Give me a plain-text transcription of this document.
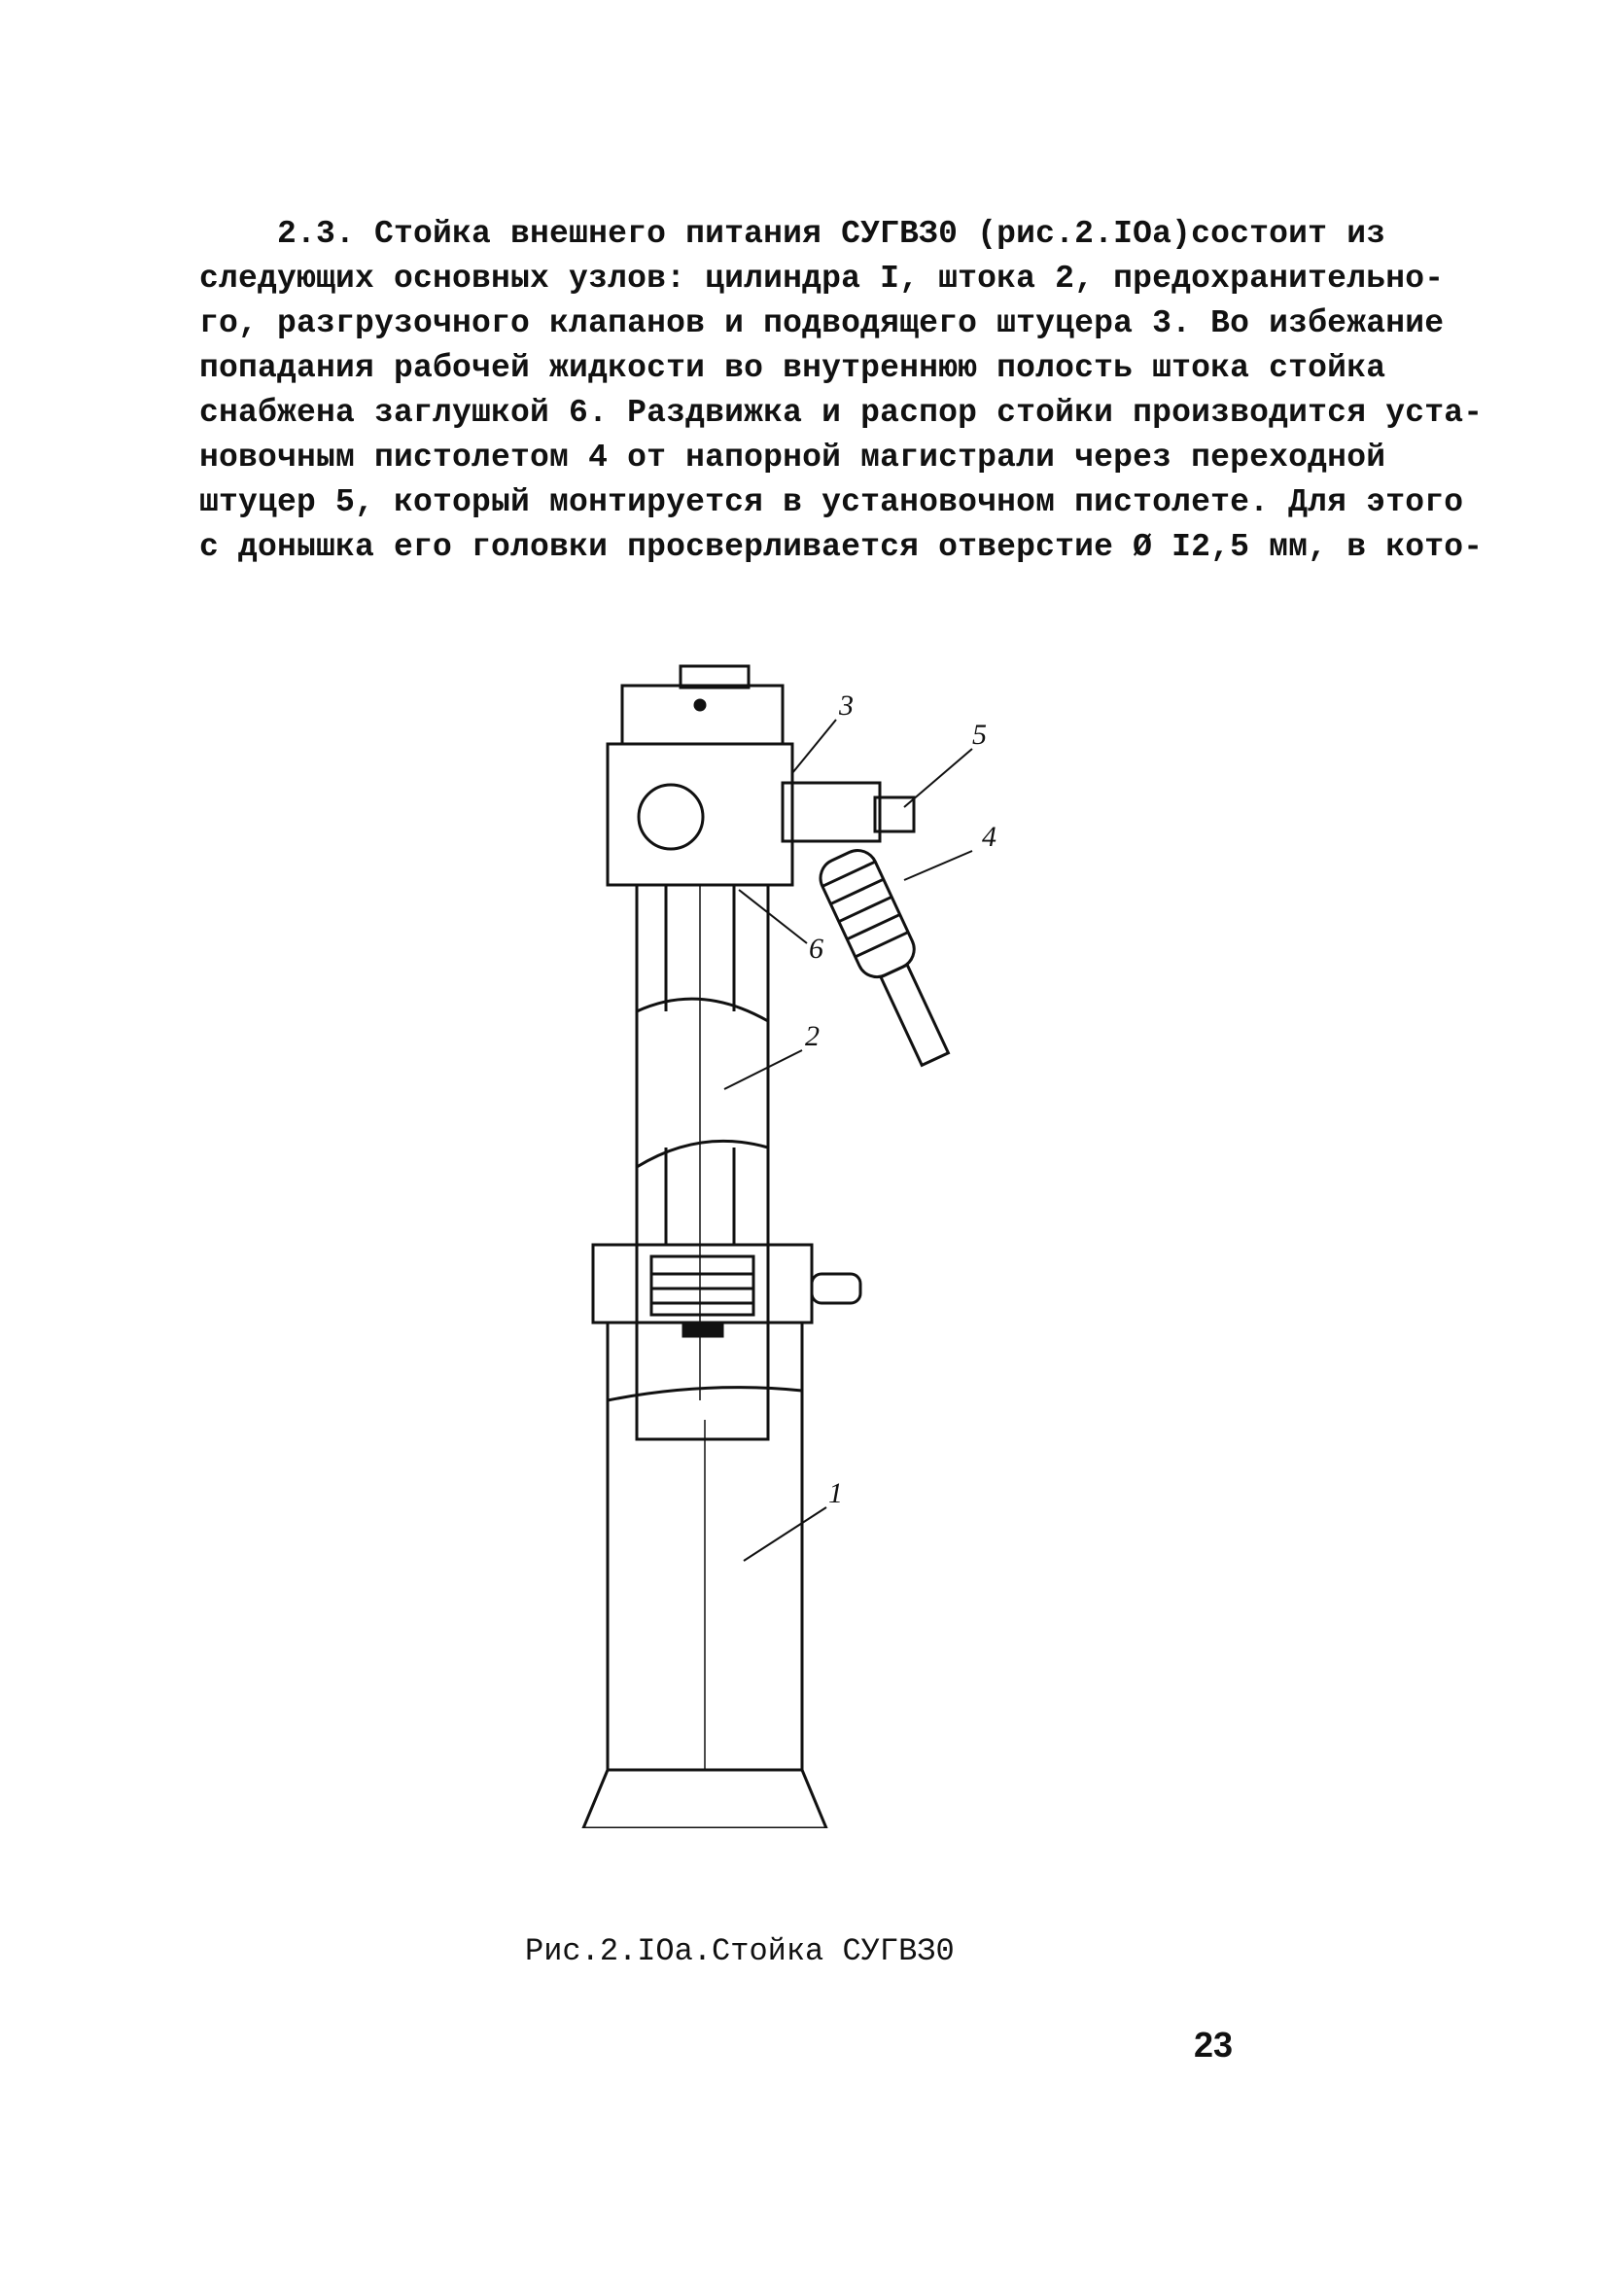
2.3. Стойка внешнего питания СУГВЗ0 (рис.2.IOа)состоит из
следующих основных узлов: цилиндра I, штока 2, предохранительно-
го, разгрузочного клапанов и подводящего штуцера 3. Во избежание
попадания рабочей жидкости во внутреннюю полость штока стойка
снабжена заглушкой 6. Раздвижка и распор стойки производится уста-
новочным пистолетом 4 от напорной магистрали через переходной
штуцер 5, который монтируется в установочном пистолете. Для этого
с донышка его головки просверливается отверстие Ø I2,5 мм, в кото-
3
5
4
6
2
1
Рис.2.IOа.Стойка СУГВЗ0
23
